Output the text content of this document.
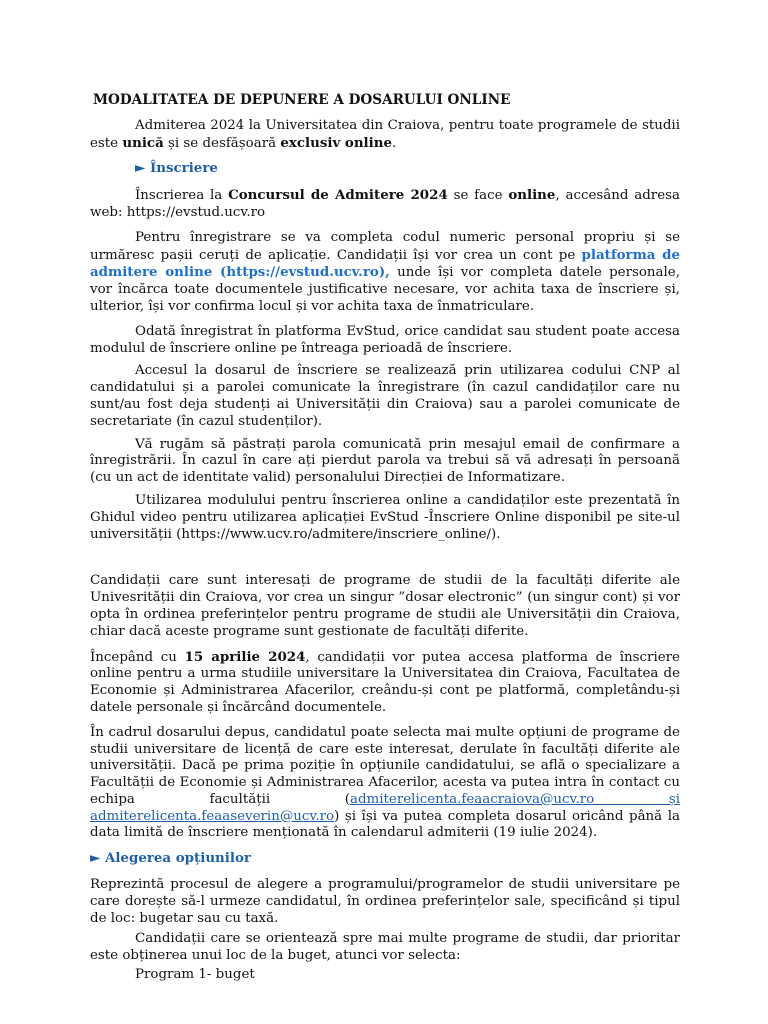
MODALITATEA DE DEPUNERE A DOSARULUI ONLINE

Admiterea 2024 la Universitatea din Craiova, pentru toate programele de studii este unică și se desfășoară exclusiv online.

► Înscriere

Înscrierea la Concursul de Admitere 2024 se face online, accesând adresa web: https://evstud.ucv.ro

Pentru înregistrare se va completa codul numeric personal propriu și se urmăresc pașii ceruți de aplicație. Candidații își vor crea un cont pe platforma de admitere online (https://evstud.ucv.ro), unde își vor completa datele personale, vor încărca toate documentele justificative necesare, vor achita taxa de înscriere și, ulterior, își vor confirma locul și vor achita taxa de înmatriculare.

Odată înregistrat în platforma EvStud, orice candidat sau student poate accesa modulul de înscriere online pe întreaga perioadă de înscriere.

Accesul la dosarul de înscriere se realizează prin utilizarea codului CNP al candidatului și a parolei comunicate la înregistrare (în cazul candidaților care nu sunt/au fost deja studenți ai Universității din Craiova) sau a parolei comunicate de secretariate (în cazul studenților).

Vă rugăm să păstrați parola comunicată prin mesajul email de confirmare a înregistrării. În cazul în care ați pierdut parola va trebui să vă adresați în persoană (cu un act de identitate valid) personalului Direcției de Informatizare.

Utilizarea modulului pentru înscrierea online a candidaților este prezentată în Ghidul video pentru utilizarea aplicației EvStud -Înscriere Online disponibil pe site-ul universității (https://www.ucv.ro/admitere/inscriere_online/).

Candidații care sunt interesați de programe de studii de la facultăți diferite ale Univesrității din Craiova, vor crea un singur ”dosar electronic” (un singur cont) și vor opta în ordinea preferințelor pentru programe de studii ale Universității din Craiova, chiar dacă aceste programe sunt gestionate de facultăți diferite.

Începând cu 15 aprilie 2024, candidații vor putea accesa platforma de înscriere online pentru a urma studiile universitare la Universitatea din Craiova, Facultatea de Economie și Administrarea Afacerilor, creându-și cont pe platformă, completându-și datele personale și încărcând documentele.

În cadrul dosarului depus, candidatul poate selecta mai multe opțiuni de programe de studii universitare de licență de care este interesat, derulate în facultăți diferite ale universității. Dacă pe prima poziție în opțiunile candidatului, se află o specializare a Facultății de Economie și Administrarea Afacerilor, acesta va putea intra în contact cu echipa facultății (admiterelicenta.feaacraiova@ucv.ro și admiterelicenta.feaaseverin@ucv.ro) și își va putea completa dosarul oricând până la data limită de înscriere menționată în calendarul admiterii (19 iulie 2024).

► Alegerea opțiunilor

Reprezintă procesul de alegere a programului/programelor de studii universitare pe care dorește să-l urmeze candidatul, în ordinea preferințelor sale, specificând și tipul de loc: bugetar sau cu taxă.

Candidații care se orientează spre mai multe programe de studii, dar prioritar este obținerea unui loc de la buget, atunci vor selecta:

Program 1- buget
